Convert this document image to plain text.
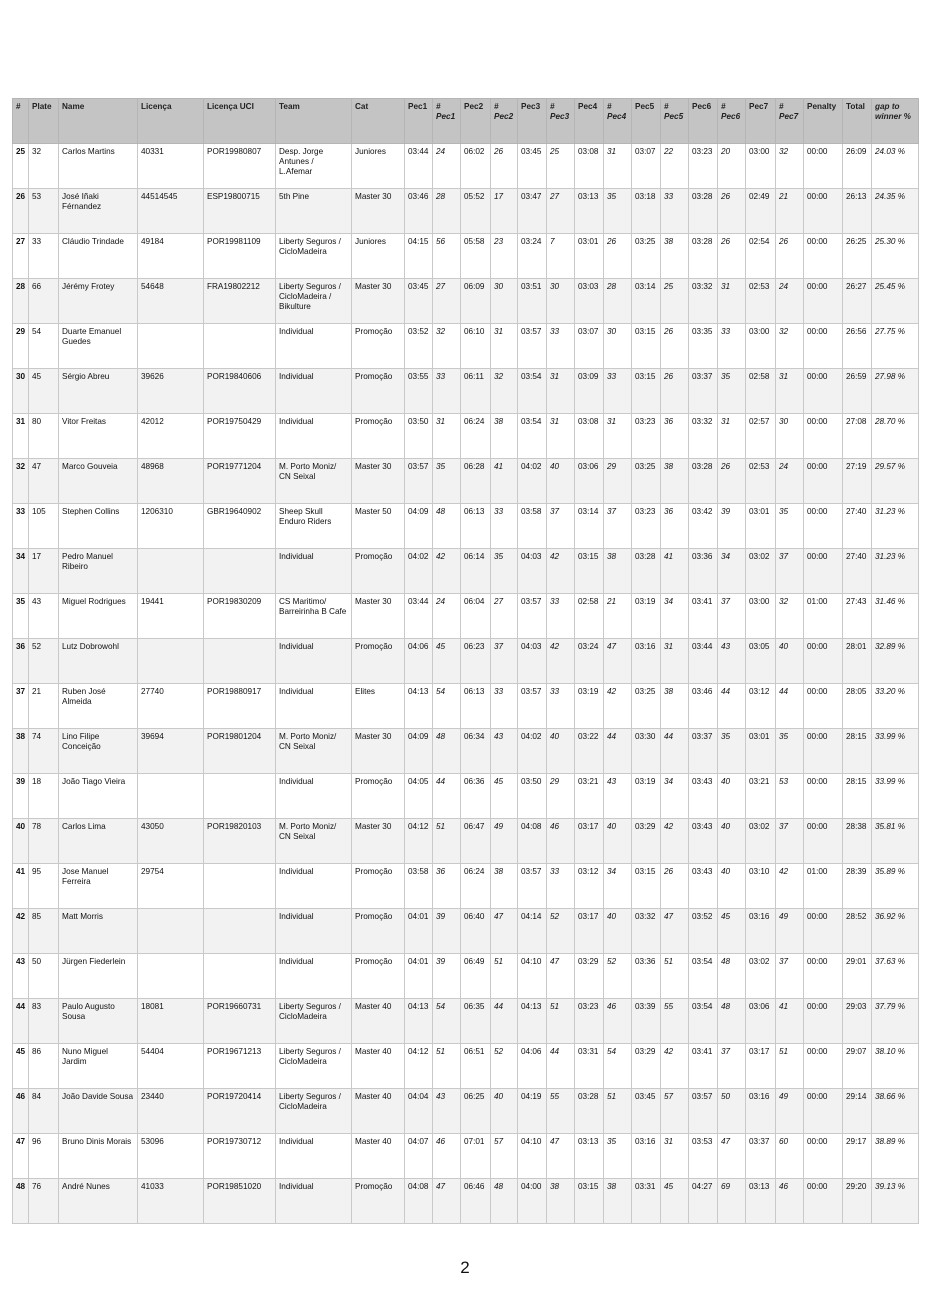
#	Plate	Name	Licença	Licença UCI	Team	Cat	Pec1	# Pec1	Pec2	# Pec2	Pec3	# Pec3	Pec4	# Pec4	Pec5	# Pec5	Pec6	# Pec6	Pec7	# Pec7	Penalty	Total	gap to winner %
25	32	Carlos Martins	40331	POR19980807	Desp. Jorge Antunes / L.Afemar	Juniores	03:44	24	06:02	26	03:45	25	03:08	31	03:07	22	03:23	20	03:00	32	00:00	26:09	24.03 %
26	53	José Iñaki Férnandez	44514545	ESP19800715	5th Pine	Master 30	03:46	28	05:52	17	03:47	27	03:13	35	03:18	33	03:28	26	02:49	21	00:00	26:13	24.35 %
27	33	Cláudio Trindade	49184	POR19981109	Liberty Seguros / CicloMadeira	Juniores	04:15	56	05:58	23	03:24	7	03:01	26	03:25	38	03:28	26	02:54	26	00:00	26:25	25.30 %
28	66	Jérémy Frotey	54648	FRA19802212	Liberty Seguros / CicloMadeira / Bikulture	Master 30	03:45	27	06:09	30	03:51	30	03:03	28	03:14	25	03:32	31	02:53	24	00:00	26:27	25.45 %
29	54	Duarte Emanuel Guedes			Individual	Promoção	03:52	32	06:10	31	03:57	33	03:07	30	03:15	26	03:35	33	03:00	32	00:00	26:56	27.75 %
30	45	Sérgio Abreu	39626	POR19840606	Individual	Promoção	03:55	33	06:11	32	03:54	31	03:09	33	03:15	26	03:37	35	02:58	31	00:00	26:59	27.98 %
31	80	Vitor Freitas	42012	POR19750429	Individual	Promoção	03:50	31	06:24	38	03:54	31	03:08	31	03:23	36	03:32	31	02:57	30	00:00	27:08	28.70 %
32	47	Marco Gouveia	48968	POR19771204	M. Porto Moniz/ CN Seixal	Master 30	03:57	35	06:28	41	04:02	40	03:06	29	03:25	38	03:28	26	02:53	24	00:00	27:19	29.57 %
33	105	Stephen Collins	1206310	GBR19640902	Sheep Skull Enduro Riders	Master 50	04:09	48	06:13	33	03:58	37	03:14	37	03:23	36	03:42	39	03:01	35	00:00	27:40	31.23 %
34	17	Pedro Manuel Ribeiro			Individual	Promoção	04:02	42	06:14	35	04:03	42	03:15	38	03:28	41	03:36	34	03:02	37	00:00	27:40	31.23 %
35	43	Miguel Rodrigues	19441	POR19830209	CS Maritimo/ Barreirinha B Cafe	Master 30	03:44	24	06:04	27	03:57	33	02:58	21	03:19	34	03:41	37	03:00	32	01:00	27:43	31.46 %
36	52	Lutz Dobrowohl			Individual	Promoção	04:06	45	06:23	37	04:03	42	03:24	47	03:16	31	03:44	43	03:05	40	00:00	28:01	32.89 %
37	21	Ruben José Almeida	27740	POR19880917	Individual	Elites	04:13	54	06:13	33	03:57	33	03:19	42	03:25	38	03:46	44	03:12	44	00:00	28:05	33.20 %
38	74	Lino Filipe Conceição	39694	POR19801204	M. Porto Moniz/ CN Seixal	Master 30	04:09	48	06:34	43	04:02	40	03:22	44	03:30	44	03:37	35	03:01	35	00:00	28:15	33.99 %
39	18	João Tiago Vieira			Individual	Promoção	04:05	44	06:36	45	03:50	29	03:21	43	03:19	34	03:43	40	03:21	53	00:00	28:15	33.99 %
40	78	Carlos Lima	43050	POR19820103	M. Porto Moniz/ CN Seixal	Master 30	04:12	51	06:47	49	04:08	46	03:17	40	03:29	42	03:43	40	03:02	37	00:00	28:38	35.81 %
41	95	Jose Manuel Ferreira	29754		Individual	Promoção	03:58	36	06:24	38	03:57	33	03:12	34	03:15	26	03:43	40	03:10	42	01:00	28:39	35.89 %
42	85	Matt Morris			Individual	Promoção	04:01	39	06:40	47	04:14	52	03:17	40	03:32	47	03:52	45	03:16	49	00:00	28:52	36.92 %
43	50	Jürgen Fiederlein			Individual	Promoção	04:01	39	06:49	51	04:10	47	03:29	52	03:36	51	03:54	48	03:02	37	00:00	29:01	37.63 %
44	83	Paulo Augusto Sousa	18081	POR19660731	Liberty Seguros / CicloMadeira	Master 40	04:13	54	06:35	44	04:13	51	03:23	46	03:39	55	03:54	48	03:06	41	00:00	29:03	37.79 %
45	86	Nuno Miguel Jardim	54404	POR19671213	Liberty Seguros / CicloMadeira	Master 40	04:12	51	06:51	52	04:06	44	03:31	54	03:29	42	03:41	37	03:17	51	00:00	29:07	38.10 %
46	84	João Davide Sousa	23440	POR19720414	Liberty Seguros / CicloMadeira	Master 40	04:04	43	06:25	40	04:19	55	03:28	51	03:45	57	03:57	50	03:16	49	00:00	29:14	38.66 %
47	96	Bruno Dinis Morais	53096	POR19730712	Individual	Master 40	04:07	46	07:01	57	04:10	47	03:13	35	03:16	31	03:53	47	03:37	60	00:00	29:17	38.89 %
48	76	André Nunes	41033	POR19851020	Individual	Promoção	04:08	47	06:46	48	04:00	38	03:15	38	03:31	45	04:27	69	03:13	46	00:00	29:20	39.13 %
2
